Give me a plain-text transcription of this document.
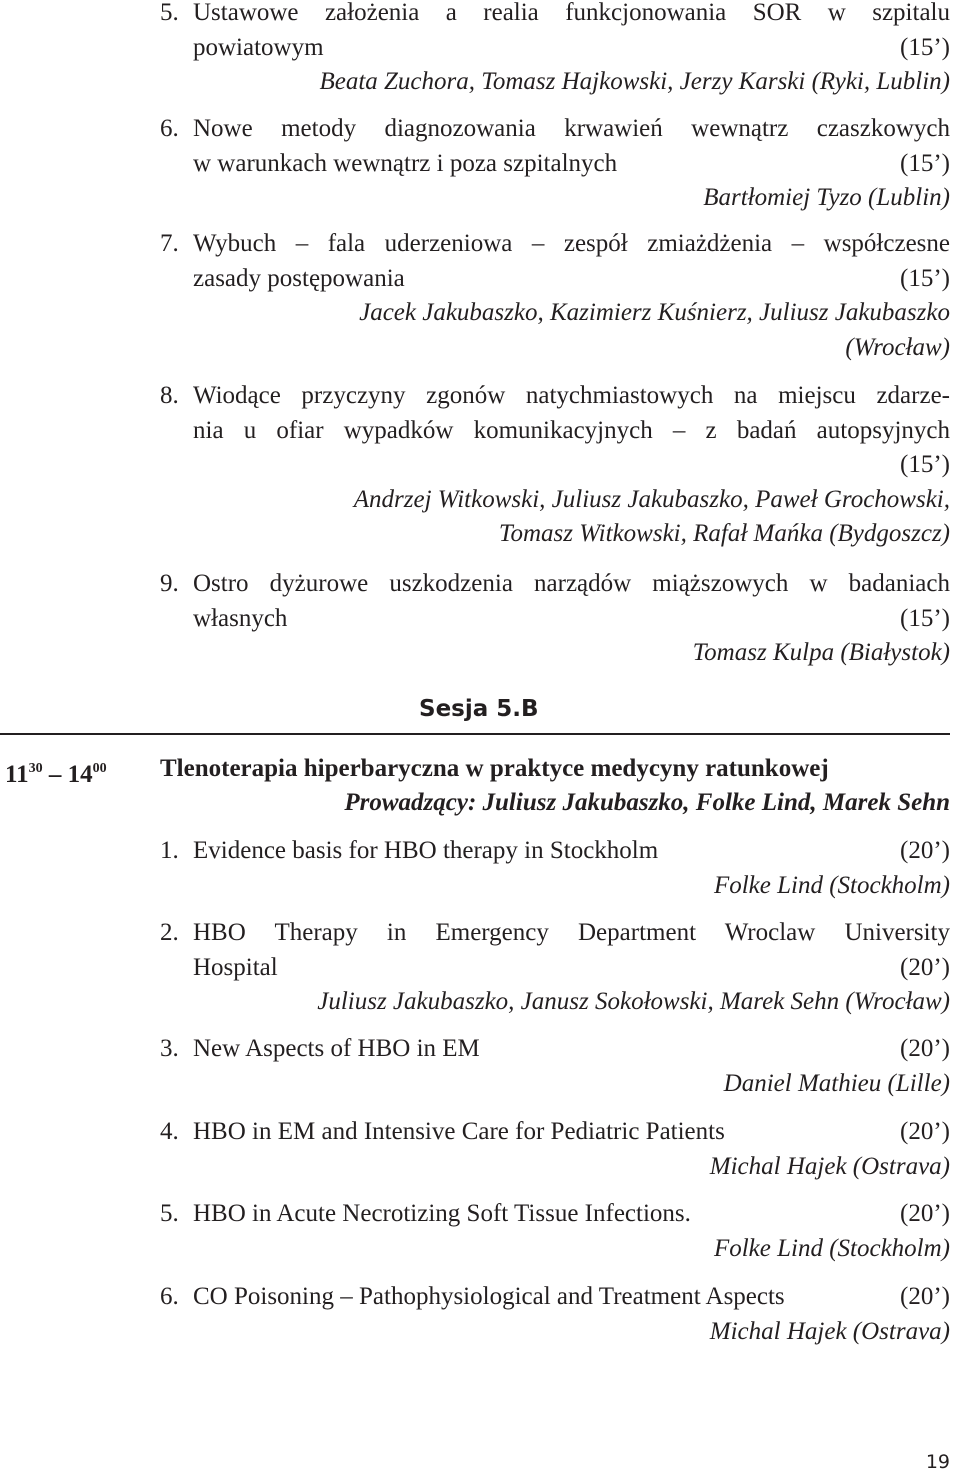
5. Ustawowe założenia a realia funkcjonowania SOR w szpitalu
powiatowym	(15’)
Beata Zuchora, Tomasz Hajkowski, Jerzy Karski (Ryki, Lublin)
6. Nowe metody diagnozowania krwawień wewnątrz czaszkowych
w warunkach wewnątrz i poza szpitalnych	(15’)
Bartłomiej Tyzo (Lublin)
7. Wybuch – fala uderzeniowa – zespół zmiażdżenia – współczesne
zasady postępowania	(15’)
Jacek Jakubaszko, Kazimierz Kuśnierz, Juliusz Jakubaszko
(Wrocław)
8. Wiodące przyczyny zgonów natychmiastowych na miejscu zdarze-
nia u ofiar wypadków komunikacyjnych – z badań autopsyjnych
(15’)
Andrzej Witkowski, Juliusz Jakubaszko, Paweł Grochowski,
Tomasz Witkowski, Rafał Mańka (Bydgoszcz)
9. Ostro dyżurowe uszkodzenia narządów miąższowych w badaniach
własnych	(15’)
Tomasz Kulpa (Białystok)
Sesja 5.B
$11^{30} - 14^{00}$ Tlenoterapia hiperbaryczna w praktyce medycyny ratunkowej
Prowadzący: Juliusz Jakubaszko, Folke Lind, Marek Sehn
1. Evidence basis for HBO therapy in Stockholm	(20’)
Folke Lind (Stockholm)
2. HBO Therapy in Emergency Department Wroclaw University
Hospital	(20’)
Juliusz Jakubaszko, Janusz Sokołowski, Marek Sehn (Wrocław)
3. New Aspects of HBO in EM	(20’)
Daniel Mathieu (Lille)
4. HBO in EM and Intensive Care for Pediatric Patients	(20’)
Michal Hajek (Ostrava)
5. HBO in Acute Necrotizing Soft Tissue Infections.	(20’)
Folke Lind (Stockholm)
6. CO Poisoning – Pathophysiological and Treatment Aspects	(20’)
Michal Hajek (Ostrava)
19
